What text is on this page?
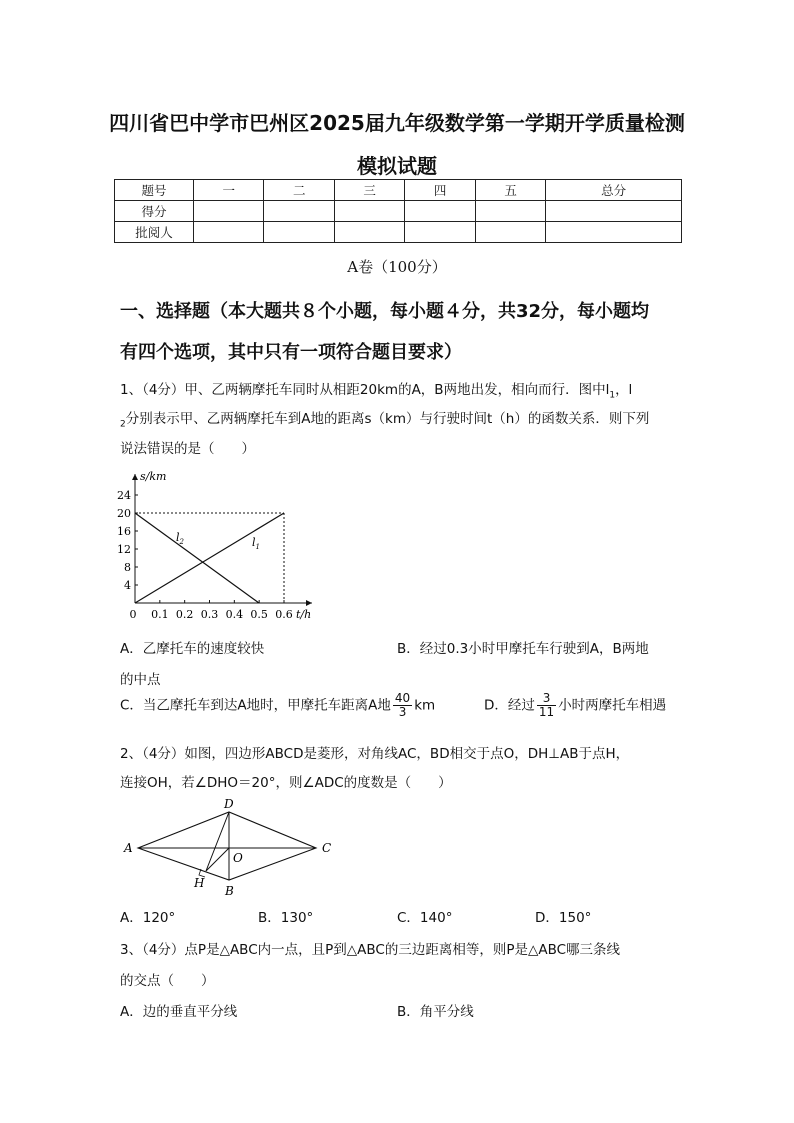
四川省巴中学市巴州区2025届九年级数学第一学期开学质量检测
模拟试题
题号	一	二	三	四	五	总分
得分						
批阅人						
A卷（100分）
一、选择题（本大题共８个小题，每小题４分，共32分，每小题均
有四个选项，其中只有一项符合题目要求）
1、（4分）甲、乙两辆摩托车同时从相距20km的A，B两地出发，相向而行．图中$l_1$，l
$_2$分别表示甲、乙两辆摩托车到A地的距离s（km）与行驶时间t（h）的函数关系．则下列
说法错误的是（　　）
24
20
16
12
8
4
0 0.1 0.2 0.3 0.4 0.5 0.6
s/km
t/h
$l_2$	$l_1$
A．乙摩托车的速度较快	B．经过0.3小时甲摩托车行驶到A，B两地
的中点
C．当乙摩托车到达A地时，甲摩托车距离A地 $\frac{40}{3}$ km	D．经过 $\frac{3}{11}$ 小时两摩托车相遇
2、（4分）如图，四边形ABCD是菱形，对角线AC，BD相交于点O，DH⊥AB于点H，
连接OH，若∠DHO＝20°，则∠ADC的度数是（　　）
A
D
C
B
O
H
A．120°	B．130°	C．140°	D．150°
3、（4分）点P是△ABC内一点，且P到△ABC的三边距离相等，则P是△ABC哪三条线
的交点（　　）
A．边的垂直平分线	B．角平分线
